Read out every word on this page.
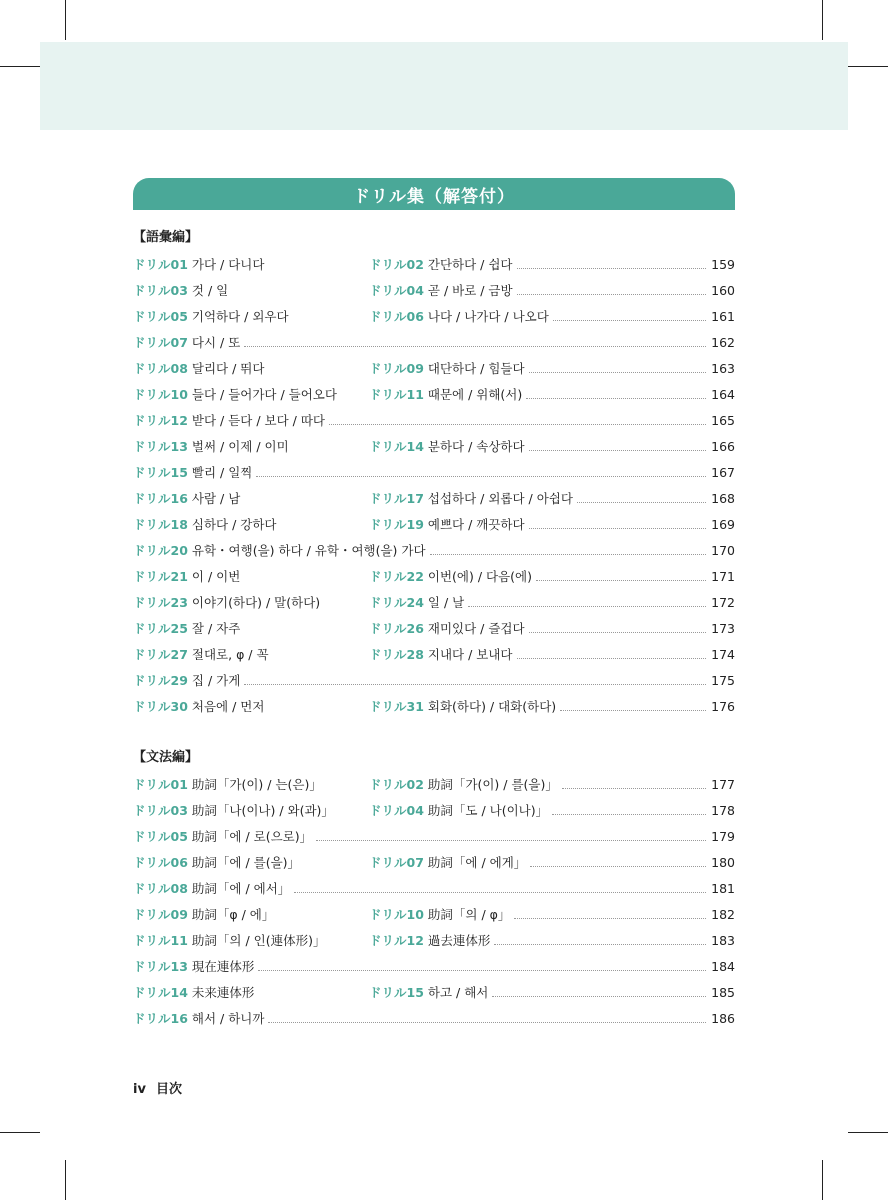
ドリル集（解答付）
【語彙編】
ドリル01 가다 / 다니다	ドリル02 간단하다 / 쉽다	159
ドリル03 것 / 일	ドリル04 곧 / 바로 / 금방	160
ドリル05 기억하다 / 외우다	ドリル06 나다 / 나가다 / 나오다	161
ドリル07 다시 / 또	162
ドリル08 달리다 / 뛰다	ドリル09 대단하다 / 힘들다	163
ドリル10 들다 / 들어가다 / 들어오다	ドリル11 때문에 / 위해(서)	164
ドリル12 받다 / 듣다 / 보다 / 따다	165
ドリル13 벌써 / 이제 / 이미	ドリル14 분하다 / 속상하다	166
ドリル15 빨리 / 일찍	167
ドリル16 사람 / 남	ドリル17 섭섭하다 / 외롭다 / 아쉽다	168
ドリル18 심하다 / 강하다	ドリル19 예쁘다 / 깨끗하다	169
ドリル20 유학・여행(을) 하다 / 유학・여행(을) 가다	170
ドリル21 이 / 이번	ドリル22 이번(에) / 다음(에)	171
ドリル23 이야기(하다) / 말(하다)	ドリル24 일 / 날	172
ドリル25 잘 / 자주	ドリル26 재미있다 / 즐겁다	173
ドリル27 절대로, φ / 꼭	ドリル28 지내다 / 보내다	174
ドリル29 집 / 가게	175
ドリル30 처음에 / 먼저	ドリル31 회화(하다) / 대화(하다)	176
【文法編】
ドリル01 助詞「가(이) / 는(은)」	ドリル02 助詞「가(이) / 를(을)」	177
ドリル03 助詞「나(이나) / 와(과)」	ドリル04 助詞「도 / 나(이나)」	178
ドリル05 助詞「에 / 로(으로)」	179
ドリル06 助詞「에 / 를(을)」	ドリル07 助詞「에 / 에게」	180
ドリル08 助詞「에 / 에서」	181
ドリル09 助詞「φ / 에」	ドリル10 助詞「의 / φ」	182
ドリル11 助詞「의 / 인(連体形)」	ドリル12 過去連体形	183
ドリル13 現在連体形	184
ドリル14 未来連体形	ドリル15 하고 / 해서	185
ドリル16 해서 / 하니까	186
iv 目次
